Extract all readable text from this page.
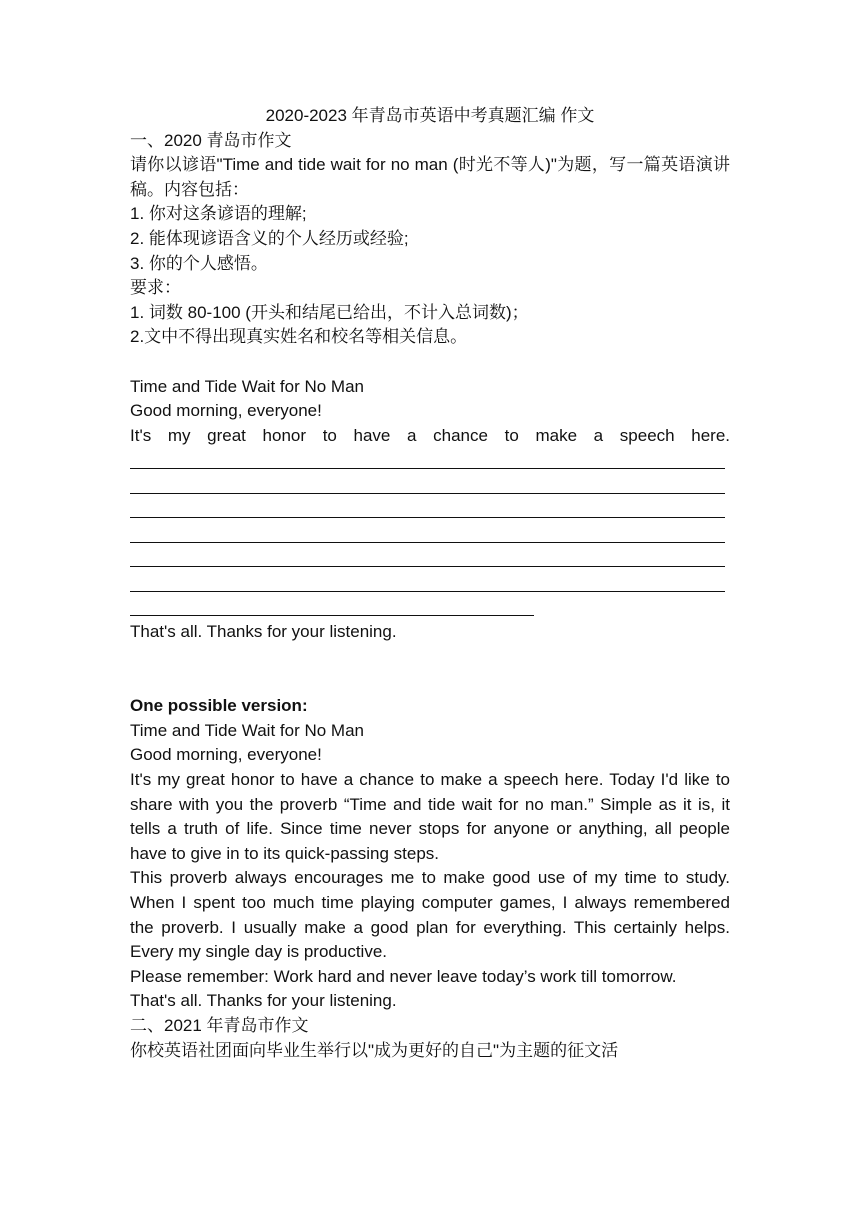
2020-2023 年青岛市英语中考真题汇编 作文

一、2020 青岛市作文

请你以谚语"Time and tide wait for no man (时光不等人)"为题，写一篇英语演讲稿。内容包括：

1. 你对这条谚语的理解;

2. 能体现谚语含义的个人经历或经验;

3. 你的个人感悟。

要求：

1. 词数 80-100 (开头和结尾已给出，不计入总词数)；

2.文中不得出现真实姓名和校名等相关信息。

Time and Tide Wait for No Man

Good morning, everyone!

It's my great honor to have a chance to make a speech here.

That's all. Thanks for your listening.

One possible version:

Time and Tide Wait for No Man

Good morning, everyone!

It's my great honor to have a chance to make a speech here. Today I'd like to share with you the proverb “Time and tide wait for no man.” Simple as it is, it tells a truth of life. Since time never stops for anyone or anything, all people have to give in to its quick-passing steps.

This proverb always encourages me to make good use of my time to study. When I spent too much time playing computer games, I always remembered the proverb. I usually make a good plan for everything. This certainly helps. Every my single day is productive.

Please remember: Work hard and never leave today’s work till tomorrow.

That's all. Thanks for your listening.

二、2021 年青岛市作文

你校英语社团面向毕业生举行以"成为更好的自己"为主题的征文活
